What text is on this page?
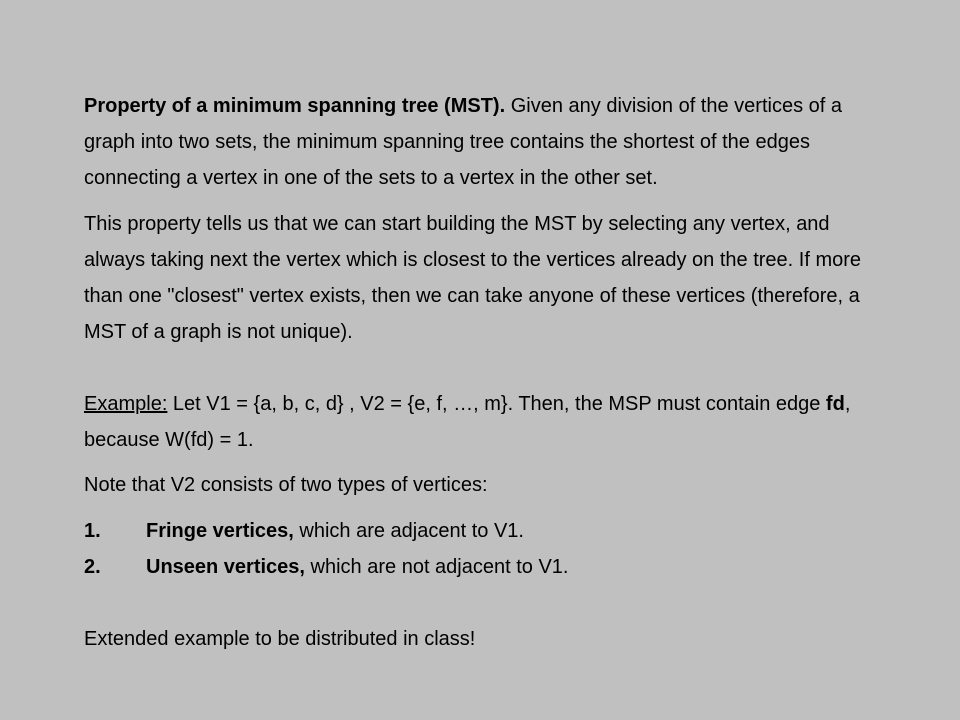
Property of a minimum spanning tree (MST). Given any division of the vertices of a graph into two sets, the minimum spanning tree contains the shortest of the edges connecting a vertex in one of the sets to a vertex in the other set.

This property tells us that we can start building the MST by selecting any vertex, and always taking next the vertex which is closest to the vertices already on the tree. If more than one "closest" vertex exists, then we can take anyone of these vertices (therefore, a MST of a graph is not unique).

Example: Let V1 = {a, b, c, d} , V2 = {e, f, …, m}. Then, the MSP must contain edge fd, because W(fd) = 1.

Note that V2 consists of two types of vertices:

1.	Fringe vertices, which are adjacent to V1.
2.	Unseen vertices, which are not adjacent to V1.

Extended example to be distributed in class!
